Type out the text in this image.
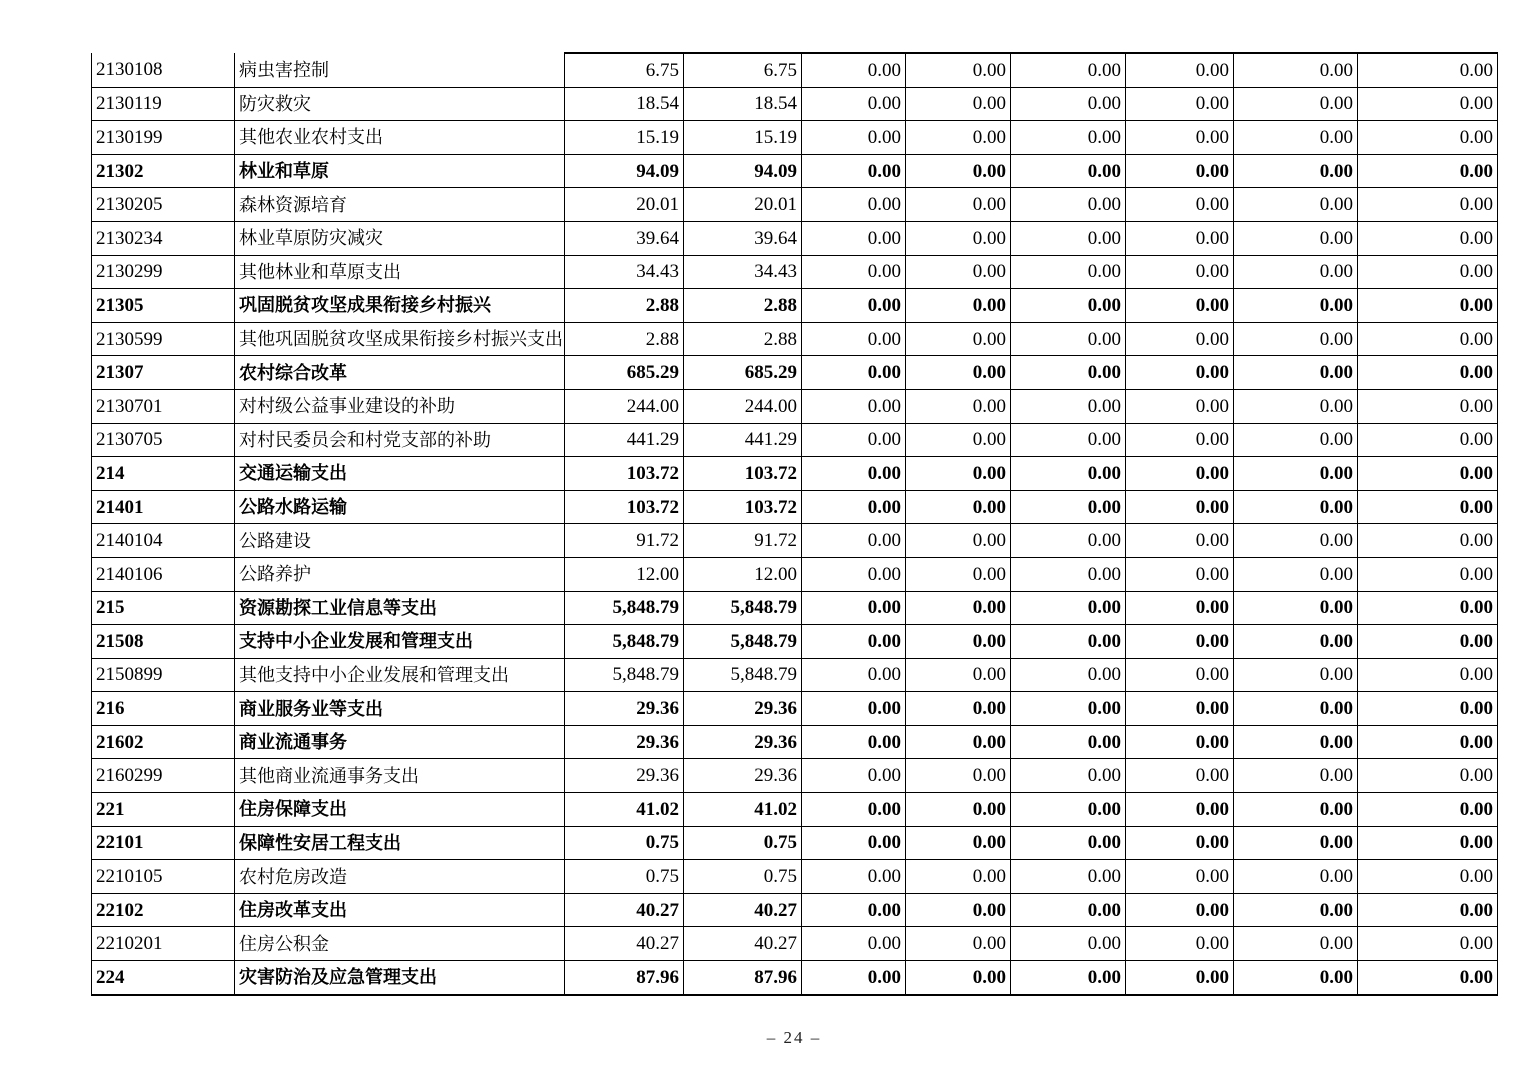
2130108	病虫害控制	6.75	6.75	0.00	0.00	0.00	0.00	0.00	0.00
2130119	防灾救灾	18.54	18.54	0.00	0.00	0.00	0.00	0.00	0.00
2130199	其他农业农村支出	15.19	15.19	0.00	0.00	0.00	0.00	0.00	0.00
21302	林业和草原	94.09	94.09	0.00	0.00	0.00	0.00	0.00	0.00
2130205	森林资源培育	20.01	20.01	0.00	0.00	0.00	0.00	0.00	0.00
2130234	林业草原防灾减灾	39.64	39.64	0.00	0.00	0.00	0.00	0.00	0.00
2130299	其他林业和草原支出	34.43	34.43	0.00	0.00	0.00	0.00	0.00	0.00
21305	巩固脱贫攻坚成果衔接乡村振兴	2.88	2.88	0.00	0.00	0.00	0.00	0.00	0.00
2130599	其他巩固脱贫攻坚成果衔接乡村振兴支出	2.88	2.88	0.00	0.00	0.00	0.00	0.00	0.00
21307	农村综合改革	685.29	685.29	0.00	0.00	0.00	0.00	0.00	0.00
2130701	对村级公益事业建设的补助	244.00	244.00	0.00	0.00	0.00	0.00	0.00	0.00
2130705	对村民委员会和村党支部的补助	441.29	441.29	0.00	0.00	0.00	0.00	0.00	0.00
214	交通运输支出	103.72	103.72	0.00	0.00	0.00	0.00	0.00	0.00
21401	公路水路运输	103.72	103.72	0.00	0.00	0.00	0.00	0.00	0.00
2140104	公路建设	91.72	91.72	0.00	0.00	0.00	0.00	0.00	0.00
2140106	公路养护	12.00	12.00	0.00	0.00	0.00	0.00	0.00	0.00
215	资源勘探工业信息等支出	5,848.79	5,848.79	0.00	0.00	0.00	0.00	0.00	0.00
21508	支持中小企业发展和管理支出	5,848.79	5,848.79	0.00	0.00	0.00	0.00	0.00	0.00
2150899	其他支持中小企业发展和管理支出	5,848.79	5,848.79	0.00	0.00	0.00	0.00	0.00	0.00
216	商业服务业等支出	29.36	29.36	0.00	0.00	0.00	0.00	0.00	0.00
21602	商业流通事务	29.36	29.36	0.00	0.00	0.00	0.00	0.00	0.00
2160299	其他商业流通事务支出	29.36	29.36	0.00	0.00	0.00	0.00	0.00	0.00
221	住房保障支出	41.02	41.02	0.00	0.00	0.00	0.00	0.00	0.00
22101	保障性安居工程支出	0.75	0.75	0.00	0.00	0.00	0.00	0.00	0.00
2210105	农村危房改造	0.75	0.75	0.00	0.00	0.00	0.00	0.00	0.00
22102	住房改革支出	40.27	40.27	0.00	0.00	0.00	0.00	0.00	0.00
2210201	住房公积金	40.27	40.27	0.00	0.00	0.00	0.00	0.00	0.00
224	灾害防治及应急管理支出	87.96	87.96	0.00	0.00	0.00	0.00	0.00	0.00
– 24 –
